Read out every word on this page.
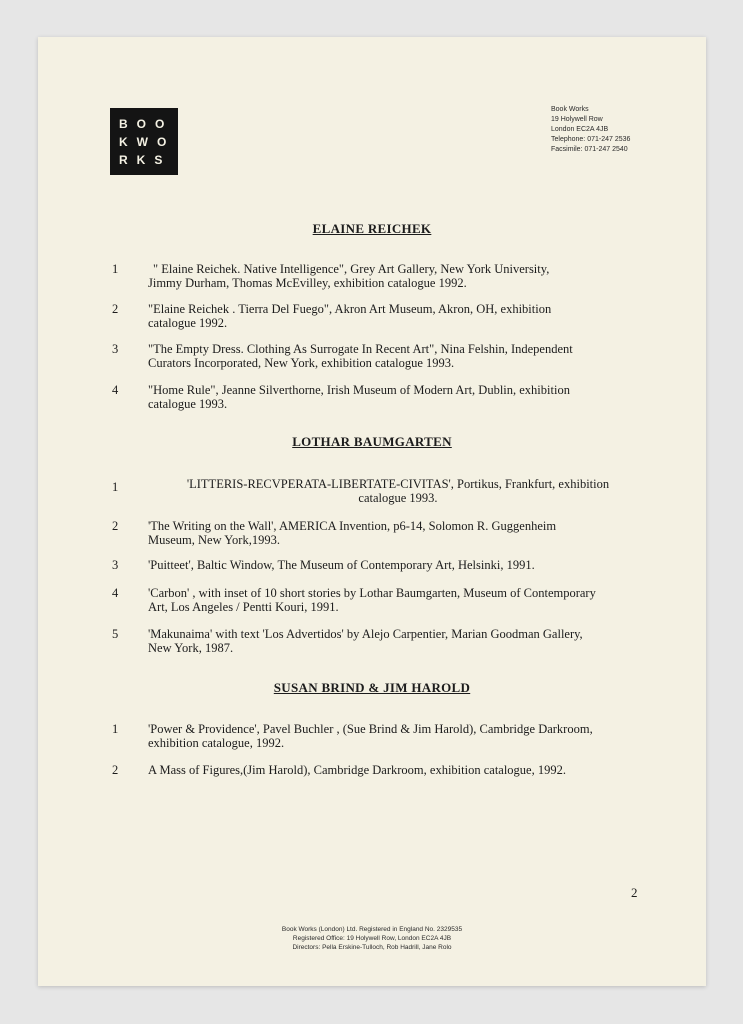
BOO
KWO
RKS
Book Works
19 Holywell Row
London EC2A 4JB
Telephone: 071-247 2536
Facsimile: 071-247 2540
ELAINE REICHEK
1	" Elaine Reichek. Native Intelligence", Grey Art Gallery, New York University,
Jimmy Durham, Thomas McEvilley, exhibition catalogue 1992.
2 "Elaine Reichek . Tierra Del Fuego", Akron Art Museum, Akron, OH, exhibition
catalogue 1992.
3 "The Empty Dress. Clothing As Surrogate In Recent Art", Nina Felshin, Independent
Curators Incorporated, New York, exhibition catalogue 1993.
4 "Home Rule", Jeanne Silverthorne, Irish Museum of Modern Art, Dublin, exhibition
catalogue 1993.
LOTHAR BAUMGARTEN
1	'LITTERIS-RECVPERATA-LIBERTATE-CIVITAS', Portikus, Frankfurt, exhibition
catalogue 1993.
2 'The Writing on the Wall', AMERICA Invention, p6-14, Solomon R. Guggenheim
Museum, New York,1993.
3 'Puitteet', Baltic Window, The Museum of Contemporary Art, Helsinki, 1991.
4 'Carbon' , with inset of 10 short stories by Lothar Baumgarten, Museum of Contemporary
Art, Los Angeles / Pentti Kouri, 1991.
5 'Makunaima' with text 'Los Advertidos' by Alejo Carpentier, Marian Goodman Gallery,
New York, 1987.
SUSAN BRIND & JIM HAROLD
1 'Power & Providence', Pavel Buchler , (Sue Brind & Jim Harold), Cambridge Darkroom,
exhibition catalogue, 1992.
2 A Mass of Figures,(Jim Harold), Cambridge Darkroom, exhibition catalogue, 1992.
2
Book Works (London) Ltd. Registered in England No. 2329535
Registered Office: 19 Holywell Row, London EC2A 4JB
Directors: Pella Erskine-Tulloch, Rob Hadrill, Jane Rolo
